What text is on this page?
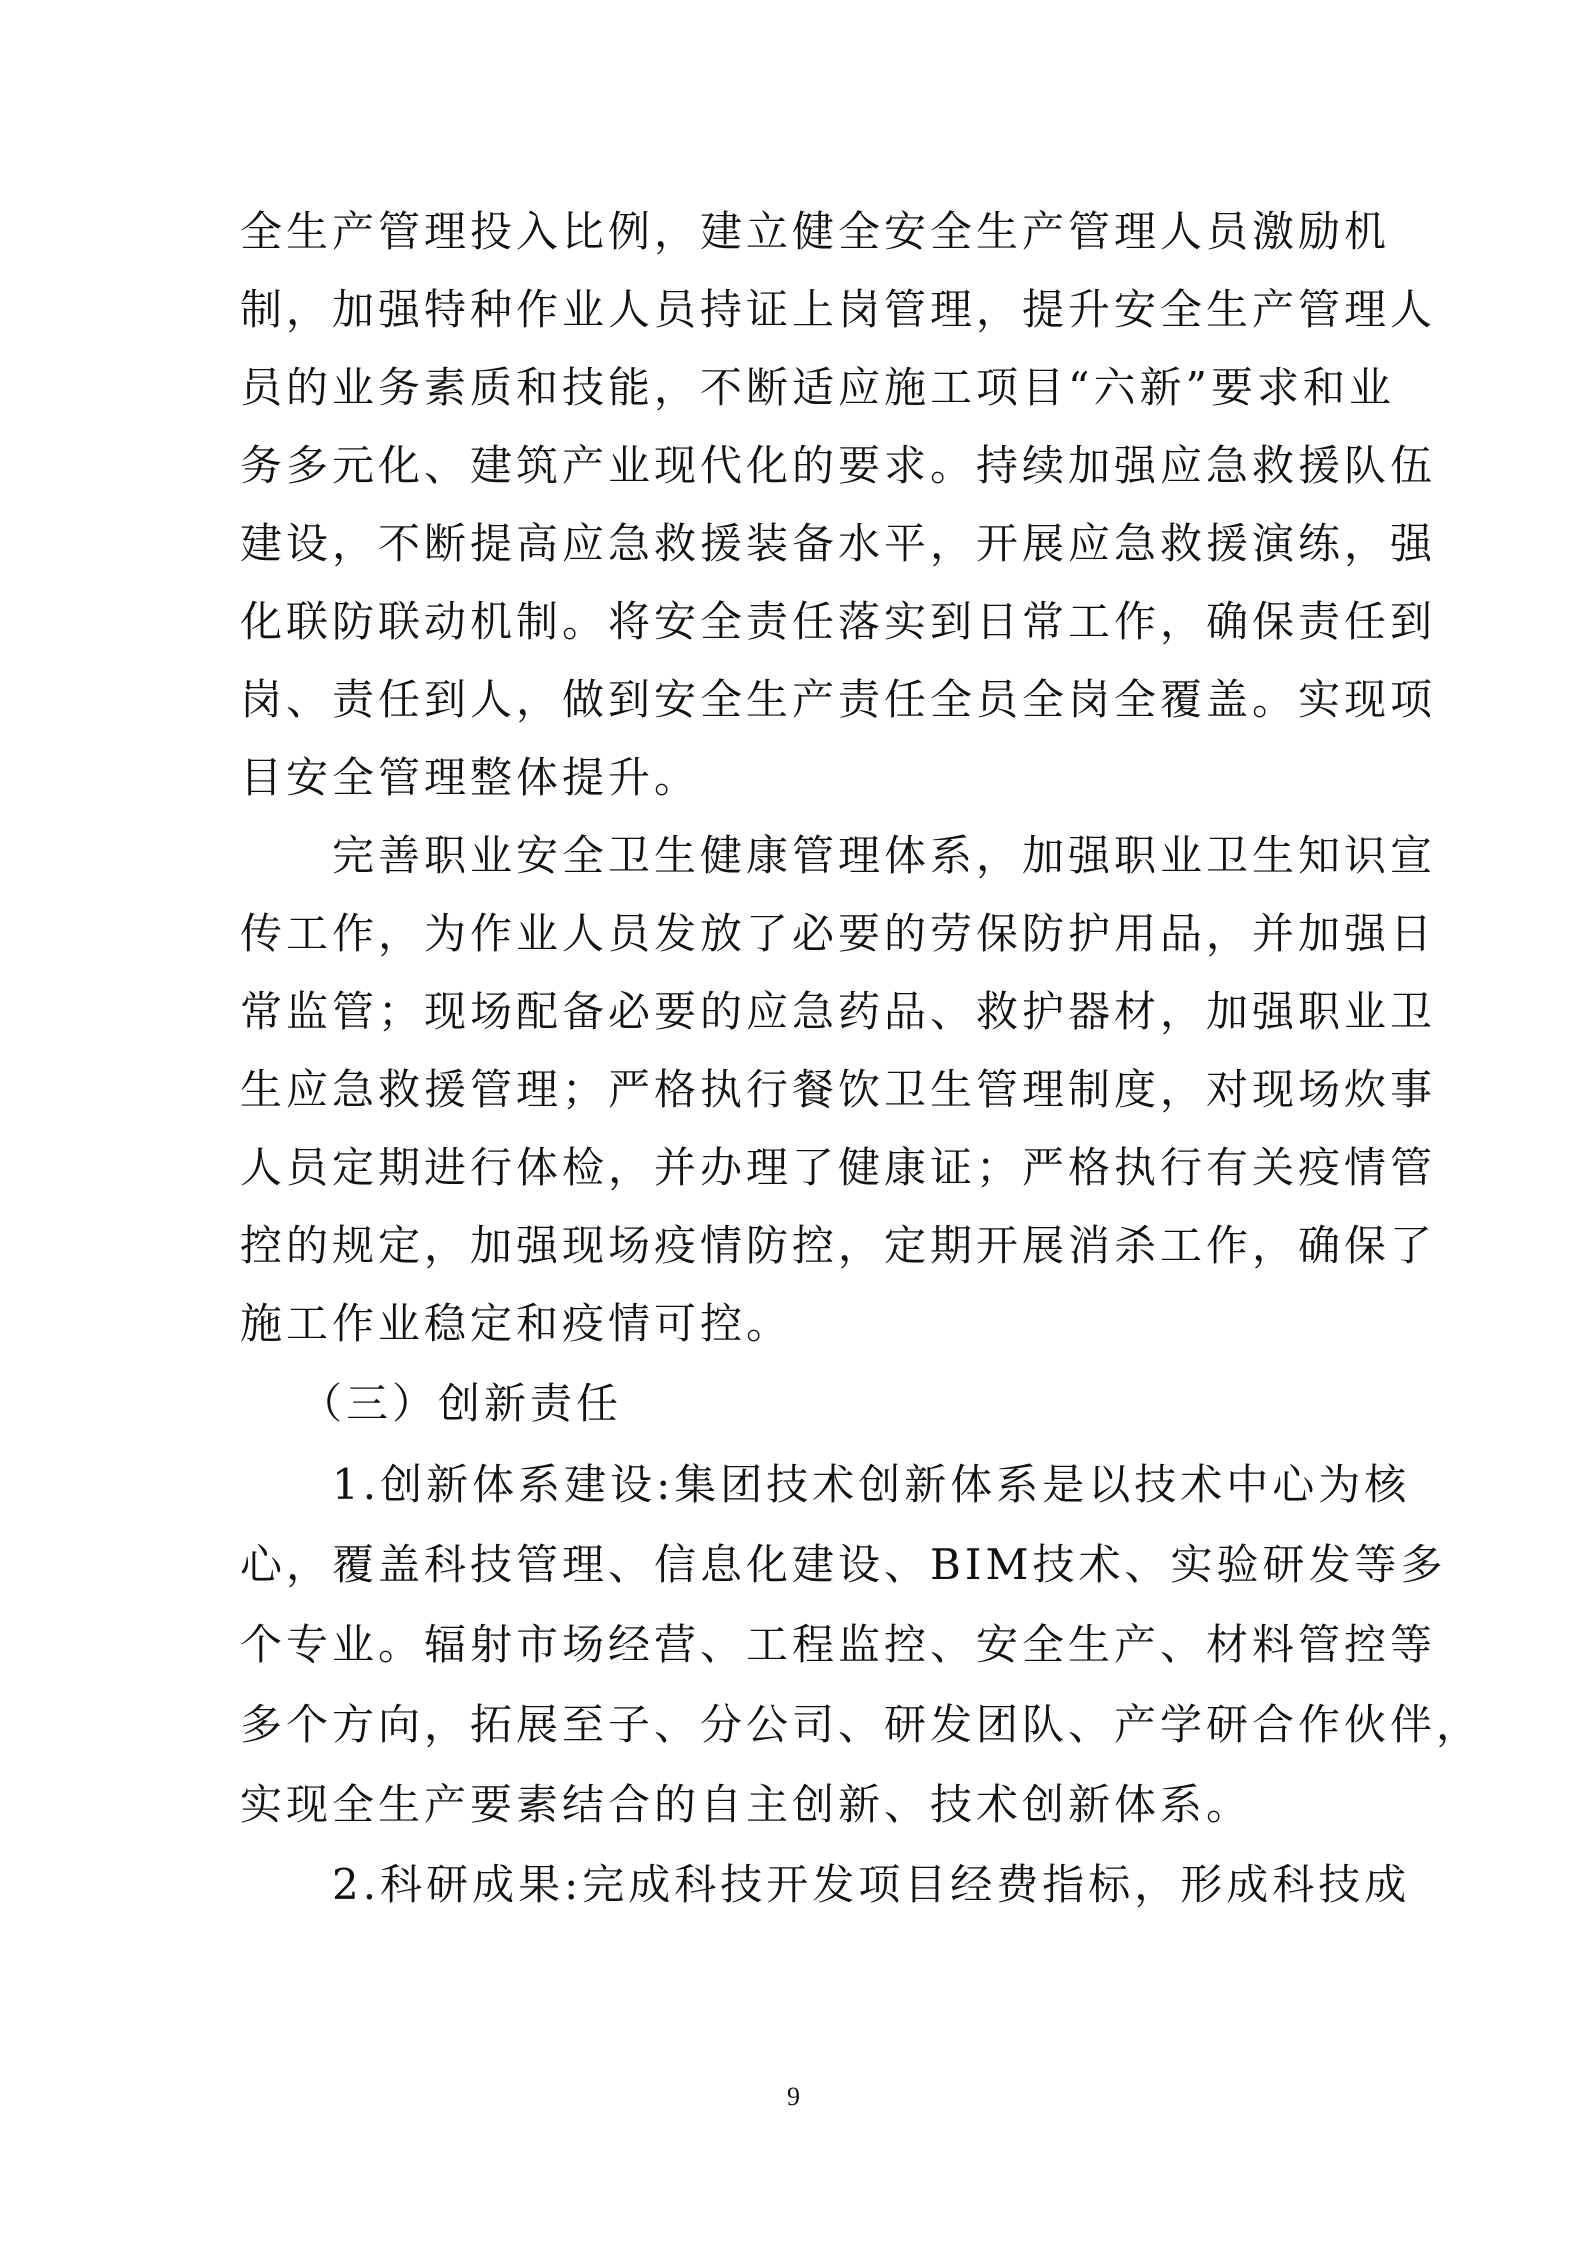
全生产管理投入比例，建立健全安全生产管理人员激励机
制，加强特种作业人员持证上岗管理，提升安全生产管理人
员的业务素质和技能，不断适应施工项目“六新”要求和业
务多元化、建筑产业现代化的要求。持续加强应急救援队伍
建设，不断提高应急救援装备水平，开展应急救援演练，强
化联防联动机制。将安全责任落实到日常工作，确保责任到
岗、责任到人，做到安全生产责任全员全岗全覆盖。实现项
目安全管理整体提升。
完善职业安全卫生健康管理体系，加强职业卫生知识宣
传工作，为作业人员发放了必要的劳保防护用品，并加强日
常监管；现场配备必要的应急药品、救护器材，加强职业卫
生应急救援管理；严格执行餐饮卫生管理制度，对现场炊事
人员定期进行体检，并办理了健康证；严格执行有关疫情管
控的规定，加强现场疫情防控，定期开展消杀工作，确保了
施工作业稳定和疫情可控。
（三）创新责任
1.创新体系建设:集团技术创新体系是以技术中心为核
心，覆盖科技管理、信息化建设、BIM技术、实验研发等多
个专业。辐射市场经营、工程监控、安全生产、材料管控等
多个方向，拓展至子、分公司、研发团队、产学研合作伙伴，
实现全生产要素结合的自主创新、技术创新体系。
2.科研成果:完成科技开发项目经费指标，形成科技成
9
